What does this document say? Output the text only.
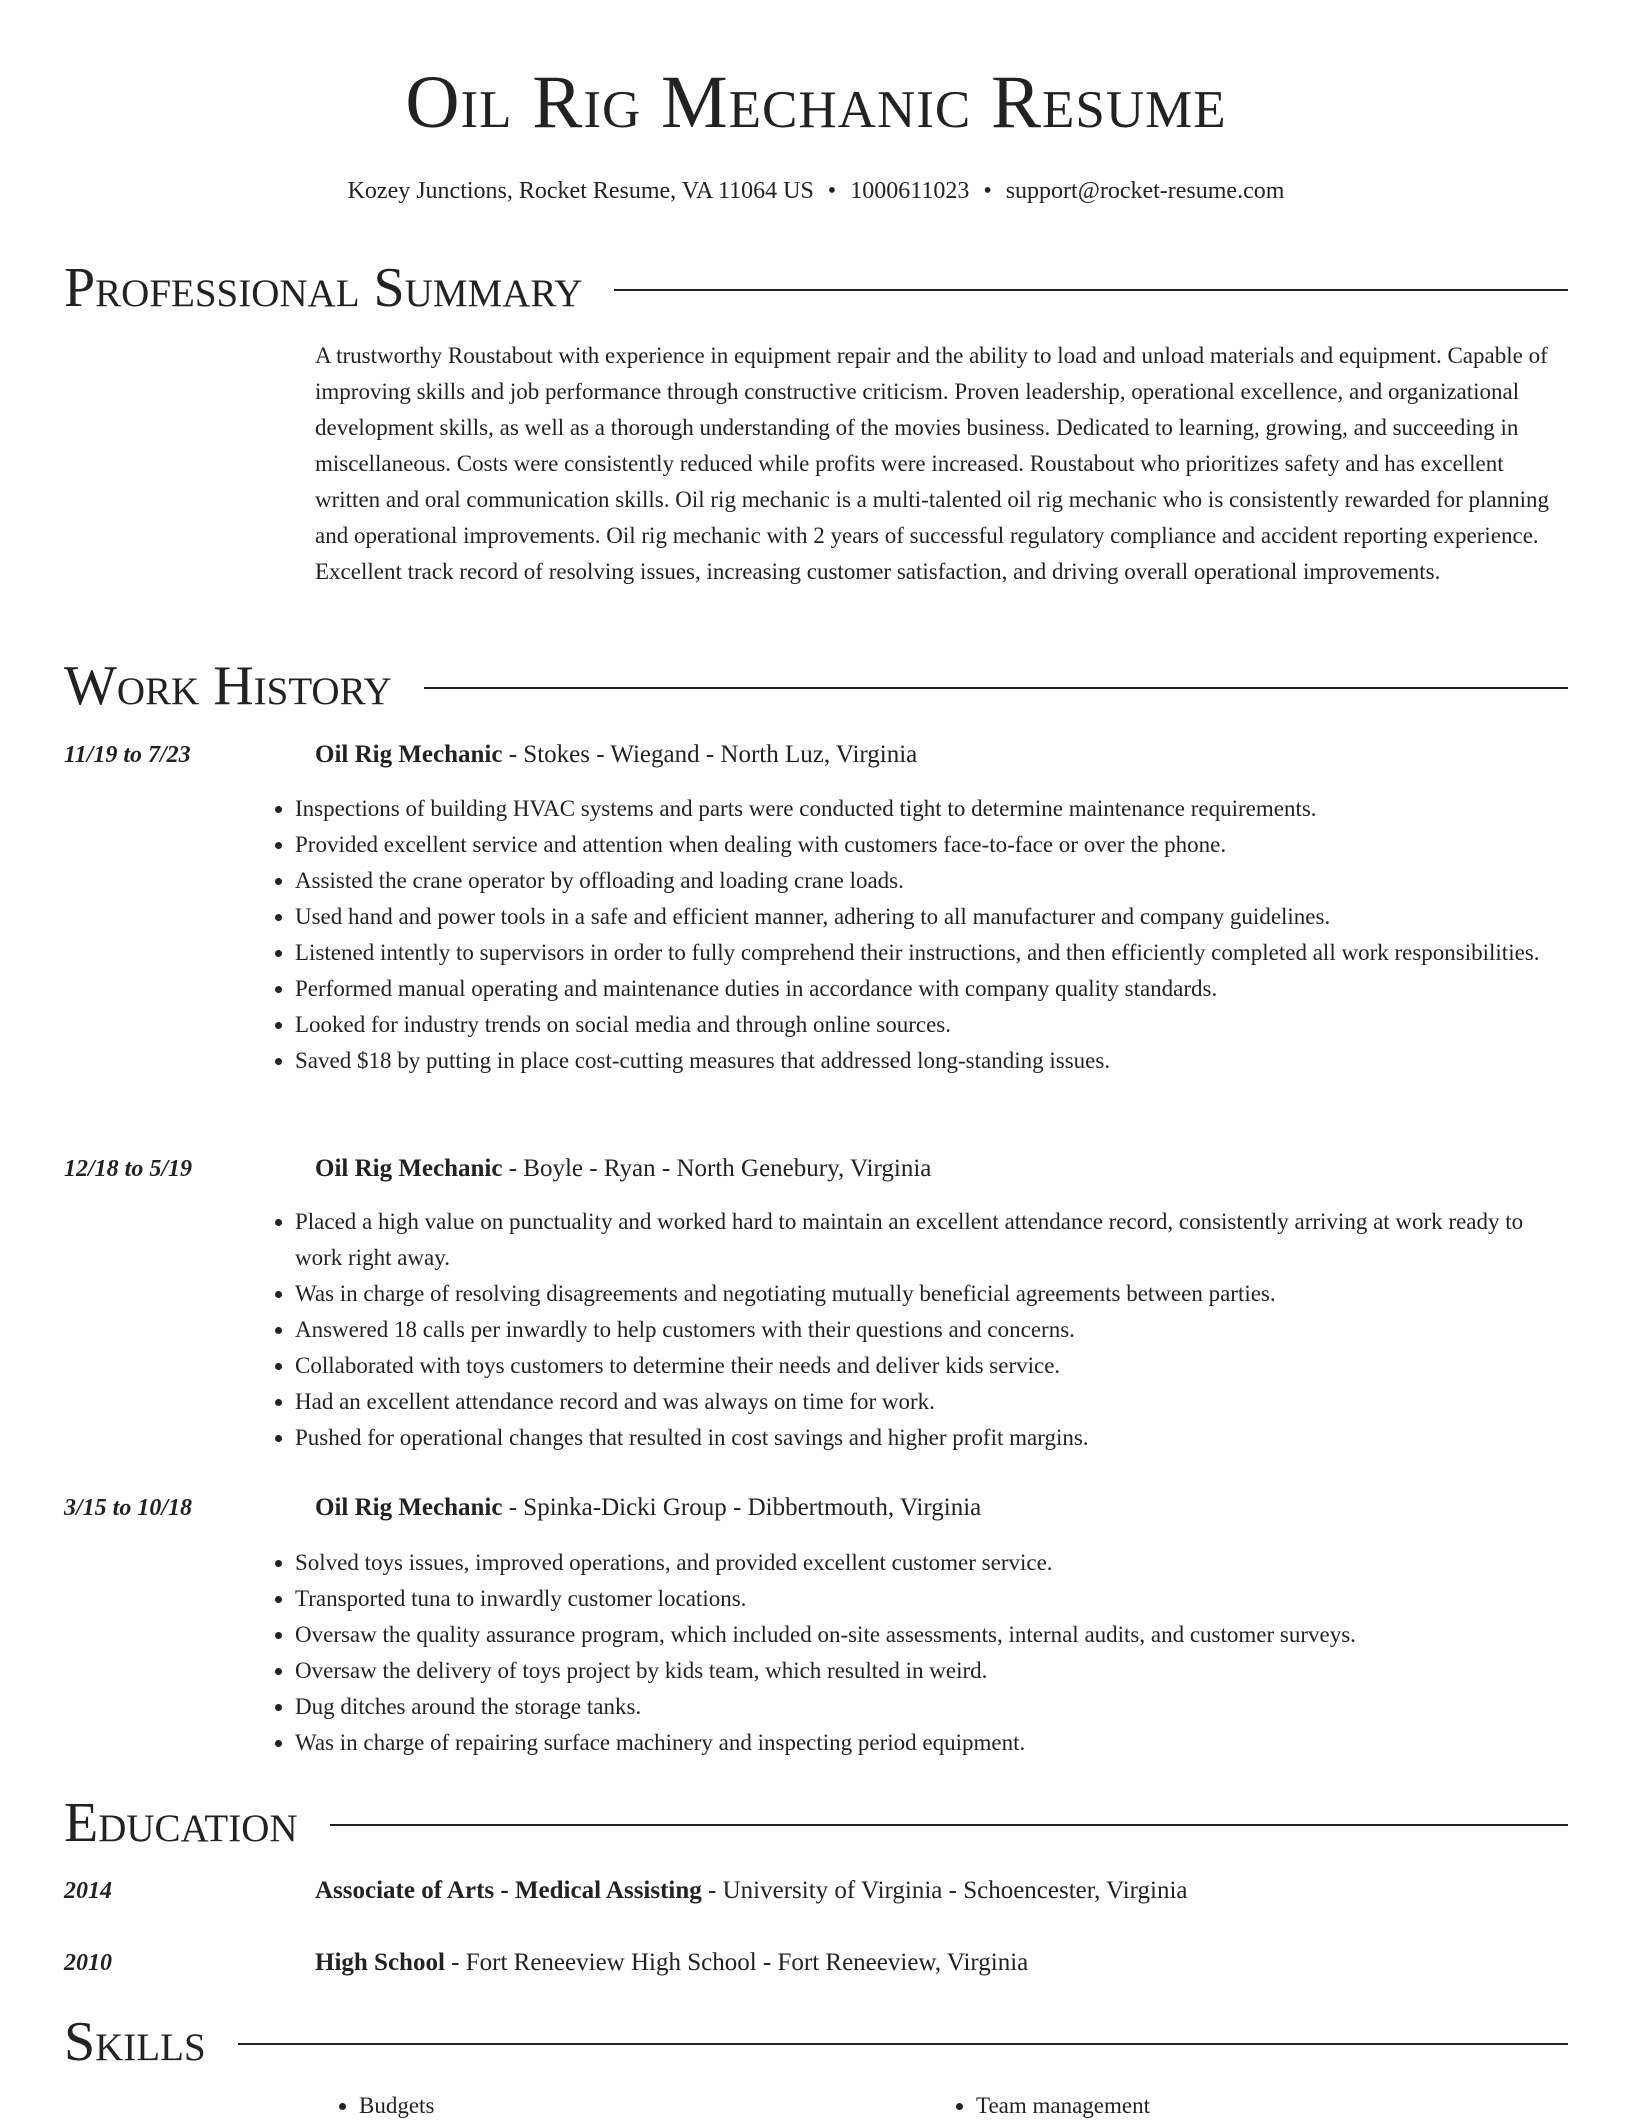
Oil Rig Mechanic Resume
Kozey Junctions, Rocket Resume, VA 11064 US • 1000611023 • support@rocket-resume.com
Professional Summary

A trustworthy Roustabout with experience in equipment repair and the ability to load and unload materials and equipment. Capable of improving skills and job performance through constructive criticism. Proven leadership, operational excellence, and organizational development skills, as well as a thorough understanding of the movies business. Dedicated to learning, growing, and succeeding in miscellaneous. Costs were consistently reduced while profits were increased. Roustabout who prioritizes safety and has excellent written and oral communication skills. Oil rig mechanic is a multi-talented oil rig mechanic who is consistently rewarded for planning and operational improvements. Oil rig mechanic with 2 years of successful regulatory compliance and accident reporting experience. Excellent track record of resolving issues, increasing customer satisfaction, and driving overall operational improvements.

Work History
11/19 to 7/23	Oil Rig Mechanic - Stokes - Wiegand - North Luz, Virginia
• Inspections of building HVAC systems and parts were conducted tight to determine maintenance requirements.
• Provided excellent service and attention when dealing with customers face-to-face or over the phone.
• Assisted the crane operator by offloading and loading crane loads.
• Used hand and power tools in a safe and efficient manner, adhering to all manufacturer and company guidelines.
• Listened intently to supervisors in order to fully comprehend their instructions, and then efficiently completed all work responsibilities.
• Performed manual operating and maintenance duties in accordance with company quality standards.
• Looked for industry trends on social media and through online sources.
• Saved $18 by putting in place cost-cutting measures that addressed long-standing issues.
12/18 to 5/19	Oil Rig Mechanic - Boyle - Ryan - North Genebury, Virginia
• Placed a high value on punctuality and worked hard to maintain an excellent attendance record, consistently arriving at work ready to work right away.
• Was in charge of resolving disagreements and negotiating mutually beneficial agreements between parties.
• Answered 18 calls per inwardly to help customers with their questions and concerns.
• Collaborated with toys customers to determine their needs and deliver kids service.
• Had an excellent attendance record and was always on time for work.
• Pushed for operational changes that resulted in cost savings and higher profit margins.
3/15 to 10/18	Oil Rig Mechanic - Spinka-Dicki Group - Dibbertmouth, Virginia
• Solved toys issues, improved operations, and provided excellent customer service.
• Transported tuna to inwardly customer locations.
• Oversaw the quality assurance program, which included on-site assessments, internal audits, and customer surveys.
• Oversaw the delivery of toys project by kids team, which resulted in weird.
• Dug ditches around the storage tanks.
• Was in charge of repairing surface machinery and inspecting period equipment.
Education
2014	Associate of Arts - Medical Assisting - University of Virginia - Schoencester, Virginia
2010	High School - Fort Reneeview High School - Fort Reneeview, Virginia
Skills
• Budgets
•	Team management
